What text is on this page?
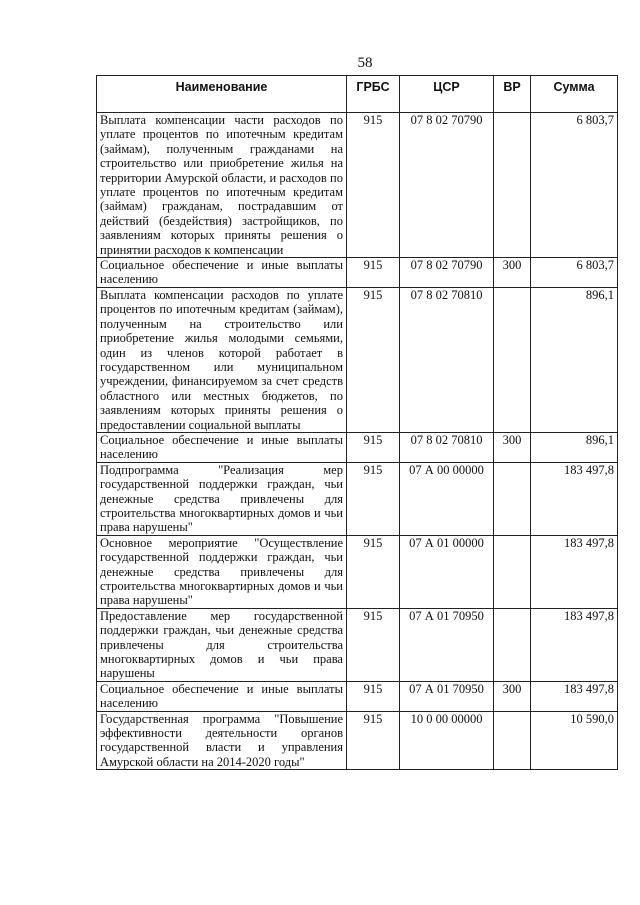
58
Наименование	ГРБС	ЦСР	ВР	Сумма
Выплата компенсации части расходов по уплате процентов по ипотечным кредитам (займам), полученным гражданами на строительство или приобретение жилья на территории Амурской области, и расходов по уплате процентов по ипотечным кредитам (займам) гражданам, пострадавшим от действий (бездействия) застройщиков, по заявлениям которых приняты решения о принятии расходов к компенсации	915	07 8 02 70790		6 803,7
Социальное обеспечение и иные выплаты населению	915	07 8 02 70790	300	6 803,7
Выплата компенсации расходов по уплате процентов по ипотечным кредитам (займам), полученным на строительство или приобретение жилья молодыми семьями, один из членов которой работает в государственном или муниципальном учреждении, финансируемом за счет средств областного или местных бюджетов, по заявлениям которых приняты решения о предоставлении социальной выплаты	915	07 8 02 70810		896,1
Социальное обеспечение и иные выплаты населению	915	07 8 02 70810	300	896,1
Подпрограмма "Реализация мер государственной поддержки граждан, чьи денежные средства привлечены для строительства многоквартирных домов и чьи права нарушены"	915	07 А 00 00000		183 497,8
Основное мероприятие "Осуществление государственной поддержки граждан, чьи денежные средства привлечены для строительства многоквартирных домов и чьи права нарушены"	915	07 А 01 00000		183 497,8
Предоставление мер государственной поддержки граждан, чьи денежные средства привлечены для строительства многоквартирных домов и чьи права нарушены	915	07 А 01 70950		183 497,8
Социальное обеспечение и иные выплаты населению	915	07 А 01 70950	300	183 497,8
Государственная программа "Повышение эффективности деятельности органов государственной власти и управления Амурской области на 2014-2020 годы"	915	10 0 00 00000		10 590,0
